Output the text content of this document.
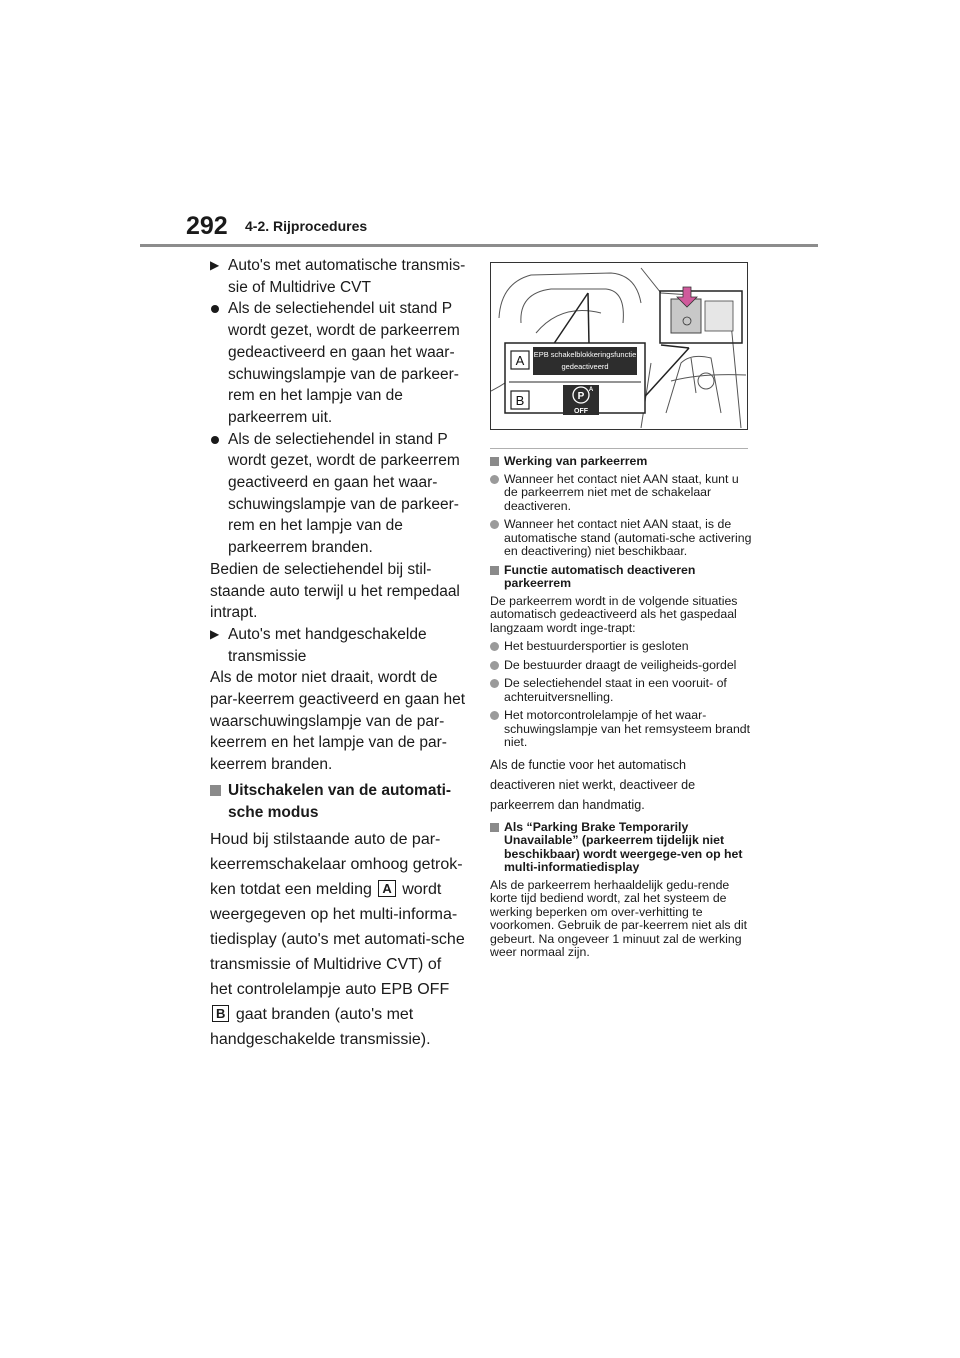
292 4-2. Rijprocedures

▶ Auto's met automatische transmis-sie of Multidrive CVT

Als de selectiehendel uit stand P wordt gezet, wordt de parkeerrem gedeactiveerd en gaan het waar-schuwingslampje van de parkeer-rem en het lampje van de parkeerrem uit.

Als de selectiehendel in stand P wordt gezet, wordt de parkeerrem geactiveerd en gaan het waar-schuwingslampje van de parkeer-rem en het lampje van de parkeerrem branden.

Bedien de selectiehendel bij stil-staande auto terwijl u het rempedaal intrapt.

▶ Auto's met handgeschakelde transmissie

Als de motor niet draait, wordt de par-keerrem geactiveerd en gaan het waarschuwingslampje van de par-keerrem en het lampje van de par-keerrem branden.

Uitschakelen van de automati-sche modus

Houd bij stilstaande auto de par-keerremschakelaar omhoog getrok-ken totdat een melding A wordt weergegeven op het multi-informa-tiedisplay (auto's met automati-sche transmissie of Multidrive CVT) of het controlelampje auto EPB OFF B gaat branden (auto's met handgeschakelde transmissie).

A
B
EPB schakelblokkeringsfunctie
gedeactiveerd
P
A
OFF
Werking van parkeerrem
Wanneer het contact niet AAN staat, kunt u de parkeerrem niet met de schakelaar deactiveren.
Wanneer het contact niet AAN staat, is de automatische stand (automati-sche activering en deactivering) niet beschikbaar.
Functie automatisch deactiveren parkeerrem

De parkeerrem wordt in de volgende situaties automatisch gedeactiveerd als het gaspedaal langzaam wordt inge-trapt:

Het bestuurdersportier is gesloten
De bestuurder draagt de veiligheids-gordel
De selectiehendel staat in een vooruit- of achteruitversnelling.
Het motorcontrolelampje of het waar-schuwingslampje van het remsysteem brandt niet.

Als de functie voor het automatisch deactiveren niet werkt, deactiveer de parkeerrem dan handmatig.

Als “Parking Brake Temporarily Unavailable” (parkeerrem tijdelijk niet beschikbaar) wordt weergege-ven op het multi-informatiedisplay

Als de parkeerrem herhaaldelijk gedu-rende korte tijd bediend wordt, zal het systeem de werking beperken om over-verhitting te voorkomen. Gebruik de par-keerrem niet als dit gebeurt. Na ongeveer 1 minuut zal de werking weer normaal zijn.
